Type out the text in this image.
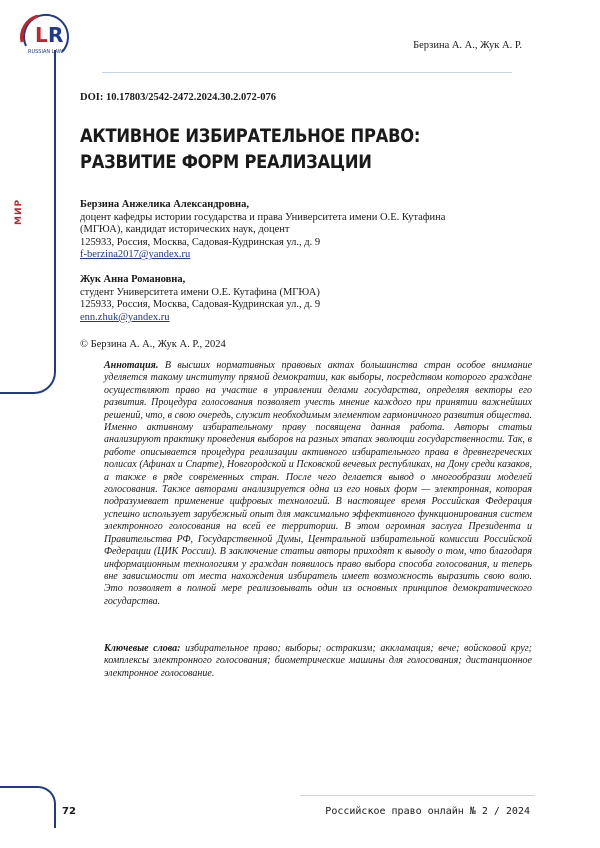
L R
RUSSIAN LAW
Берзина А. А., Жук А. Р.
МИР
DOI: 10.17803/2542-2472.2024.30.2.072-076
АКТИВНОЕ ИЗБИРАТЕЛЬНОЕ ПРАВО:
РАЗВИТИЕ ФОРМ РЕАЛИЗАЦИИ
Берзина Анжелика Александровна,
доцент кафедры истории государства и права Университета имени О.Е. Кутафина
(МГЮА), кандидат исторических наук, доцент
125933, Россия, Москва, Садовая-Кудринская ул., д. 9
f-berzina2017@yandex.ru
Жук Анна Романовна,
студент Университета имени О.Е. Кутафина (МГЮА)
125933, Россия, Москва, Садовая-Кудринская ул., д. 9
enn.zhuk@yandex.ru
© Берзина А. А., Жук А. Р., 2024
Аннотация. В высших нормативных правовых актах большинства стран особое внимание уделяется такому институту прямой демократии, как выборы, посредством которого граждане осуществляют право на участие в управлении делами государства, определяя векторы его развития. Процедура голосования позволяет учесть мнение каждого при принятии важнейших решений, что, в свою очередь, служит необходимым элементом гармоничного развития общества. Именно активному избирательному праву посвящена данная работа. Авторы статьи анализируют практику проведения выборов на разных этапах эволюции государственности. Так, в работе описывается процедура реализации активного избирательного права в древнегреческих полисах (Афинах и Спарте), Новгородской и Псковской вечевых республиках, на Дону среди казаков, а также в ряде современных стран. После чего делается вывод о многообразии моделей голосования. Также авторами анализируется одна из его новых форм — электронная, которая подразумевает применение цифровых технологий. В настоящее время Российская Федерация успешно использует зарубежный опыт для максимально эффективного функционирования систем электронного голосования на всей ее территории. В этом огромная заслуга Президента и Правительства РФ, Государственной Думы, Центральной избирательной комиссии Российской Федерации (ЦИК России). В заключение статьи авторы приходят к выводу о том, что благодаря информационным технологиям у граждан появилось право выбора способа голосования, и теперь вне зависимости от места нахождения избиратель имеет возможность выразить свою волю. Это позволяет в полной мере реализовывать один из основных принципов демократического государства.
Ключевые слова: избирательное право; выборы; остракизм; аккламация; вече; войсковой круг; комплексы электронного голосования; биометрические машины для голосования; дистанционное электронное голосование.
72	Российское право онлайн № 2 / 2024
